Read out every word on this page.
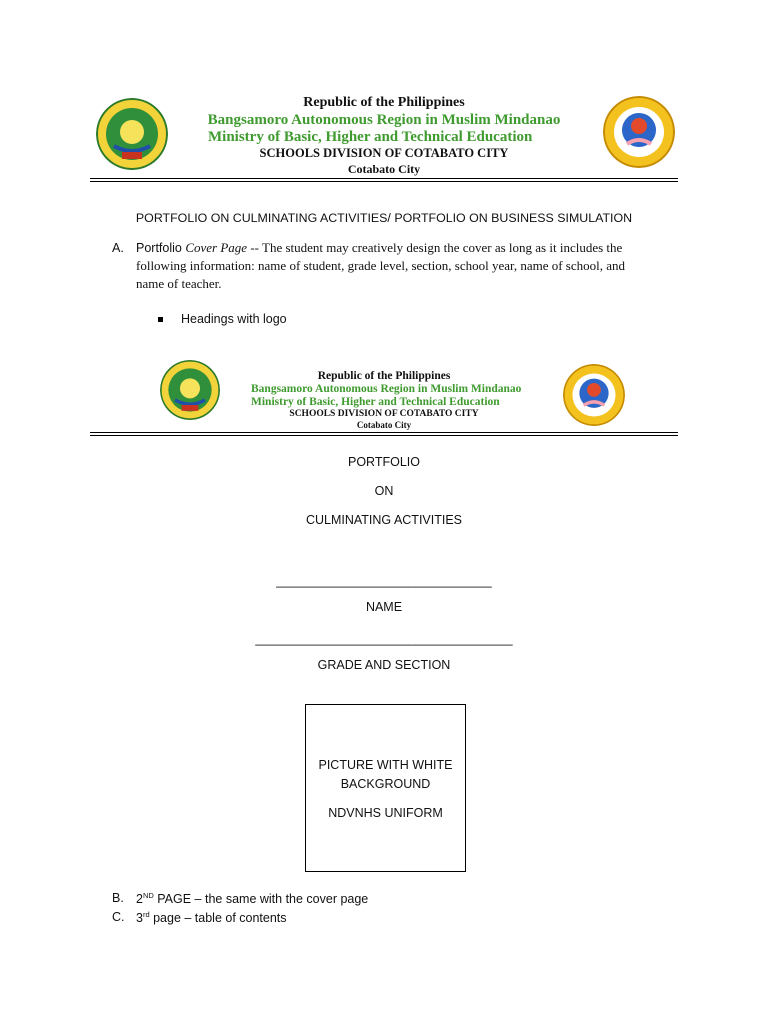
Republic of the Philippines
Bangsamoro Autonomous Region in Muslim Mindanao
Ministry of Basic, Higher and Technical Education
SCHOOLS DIVISION OF COTABATO CITY
Cotabato City
PORTFOLIO ON CULMINATING ACTIVITIES/ PORTFOLIO ON BUSINESS SIMULATION
A. Portfolio Cover Page -- The student may creatively design the cover as long as it includes the
following information: name of student, grade level, section, school year, name of school, and
name of teacher.
Headings with logo
Republic of the Philippines
Bangsamoro Autonomous Region in Muslim Mindanao
Ministry of Basic, Higher and Technical Education
SCHOOLS DIVISION OF COTABATO CITY
Cotabato City
PORTFOLIO
ON
CULMINATING ACTIVITIES
_______________________________
NAME
_____________________________________
GRADE AND SECTION
PICTURE WITH WHITE
BACKGROUND
NDVNHS UNIFORM
B. 2ND PAGE – the same with the cover page
C. 3rd page – table of contents
